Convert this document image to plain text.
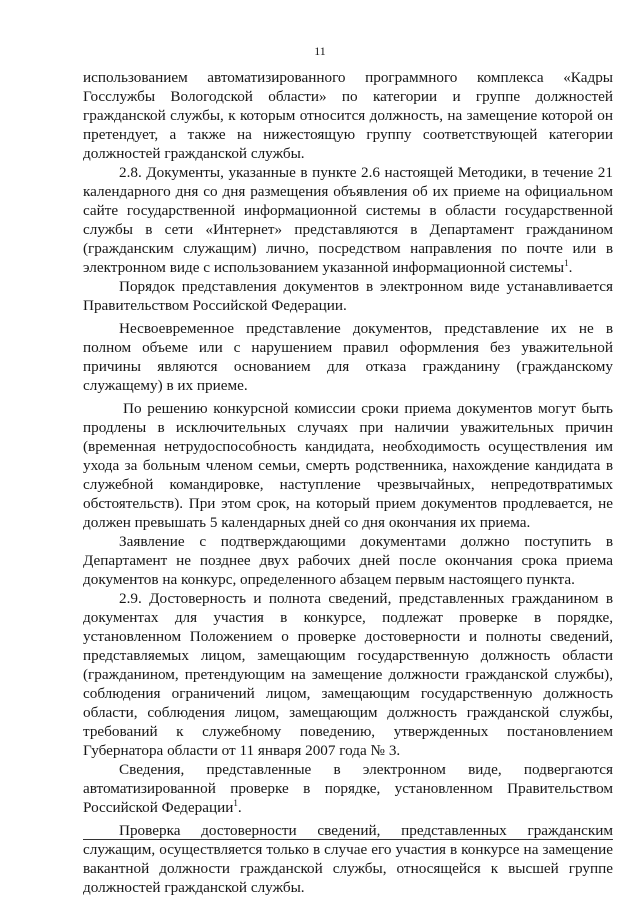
11

использованием автоматизированного программного комплекса «Кадры Госслужбы Вологодской области» по категории и группе должностей гражданской службы, к которым относится должность, на замещение которой он претендует, а также на нижестоящую группу соответствующей категории должностей гражданской службы.

2.8. Документы, указанные в пункте 2.6 настоящей Методики, в течение 21 календарного дня со дня размещения объявления об их приеме на официальном сайте государственной информационной системы в области государственной службы в сети «Интернет» представляются в Департамент гражданином (гражданским служащим) лично, посредством направления по почте или в электронном виде с использованием указанной информационной системы$^1$.

Порядок представления документов в электронном виде устанавливается Правительством Российской Федерации.

Несвоевременное представление документов, представление их не в полном объеме или с нарушением правил оформления без уважительной причины являются основанием для отказа гражданину (гражданскому служащему) в их приеме.

По решению конкурсной комиссии сроки приема документов могут быть продлены в исключительных случаях при наличии уважительных причин (временная нетрудоспособность кандидата, необходимость осуществления им ухода за больным членом семьи, смерть родственника, нахождение кандидата в служебной командировке, наступление чрезвычайных, непредотвратимых обстоятельств). При этом срок, на который прием документов продлевается, не должен превышать 5 календарных дней со дня окончания их приема.

Заявление с подтверждающими документами должно поступить в Департамент не позднее двух рабочих дней после окончания срока приема документов на конкурс, определенного абзацем первым настоящего пункта.

2.9. Достоверность и полнота сведений, представленных гражданином в документах для участия в конкурсе, подлежат проверке в порядке, установленном Положением о проверке достоверности и полноты сведений, представляемых лицом, замещающим государственную должность области (гражданином, претендующим на замещение должности гражданской службы), соблюдения ограничений лицом, замещающим государственную должность области, соблюдения лицом, замещающим должность гражданской службы, требований к служебному поведению, утвержденных постановлением Губернатора области от 11 января 2007 года № 3.

Сведения, представленные в электронном виде, подвергаются автоматизированной проверке в порядке, установленном Правительством Российской Федерации$^1$.

Проверка достоверности сведений, представленных гражданским служащим, осуществляется только в случае его участия в конкурсе на замещение вакантной должности гражданской службы, относящейся к высшей группе должностей гражданской службы.
